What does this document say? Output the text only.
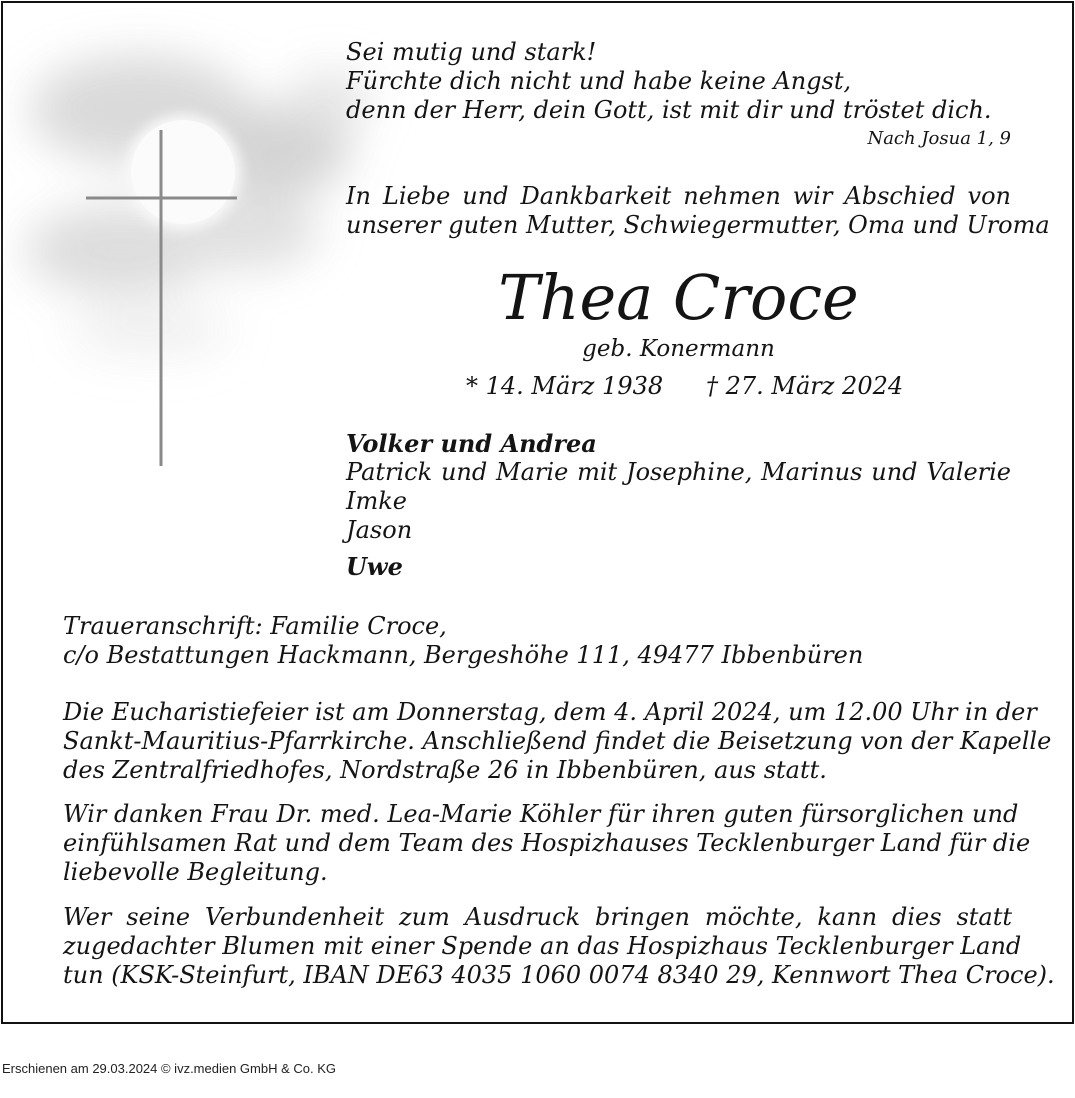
Sei mutig und stark!
Fürchte dich nicht und habe keine Angst,
denn der Herr, dein Gott, ist mit dir und tröstet dich.
Nach Josua 1, 9
In Liebe und Dankbarkeit nehmen wir Abschied von
unserer guten Mutter, Schwiegermutter, Oma und Uroma
Thea Croce
geb. Konermann
* 14. März 1938 † 27. März 2024
Volker und Andrea
Patrick und Marie mit Josephine, Marinus und Valerie
Imke
Jason
Uwe
Traueranschrift: Familie Croce,
c/o Bestattungen Hackmann, Bergeshöhe 111, 49477 Ibbenbüren
Die Eucharistiefeier ist am Donnerstag, dem 4. April 2024, um 12.00 Uhr in der
Sankt-Mauritius-Pfarrkirche. Anschließend findet die Beisetzung von der Kapelle
des Zentralfriedhofes, Nordstraße 26 in Ibbenbüren, aus statt.
Wir danken Frau Dr. med. Lea-Marie Köhler für ihren guten fürsorglichen und
einfühlsamen Rat und dem Team des Hospizhauses Tecklenburger Land für die
liebevolle Begleitung.
Wer seine Verbundenheit zum Ausdruck bringen möchte, kann dies statt
zugedachter Blumen mit einer Spende an das Hospizhaus Tecklenburger Land
tun (KSK-Steinfurt, IBAN DE63 4035 1060 0074 8340 29, Kennwort Thea Croce).
Erschienen am 29.03.2024 © ivz.medien GmbH & Co. KG
